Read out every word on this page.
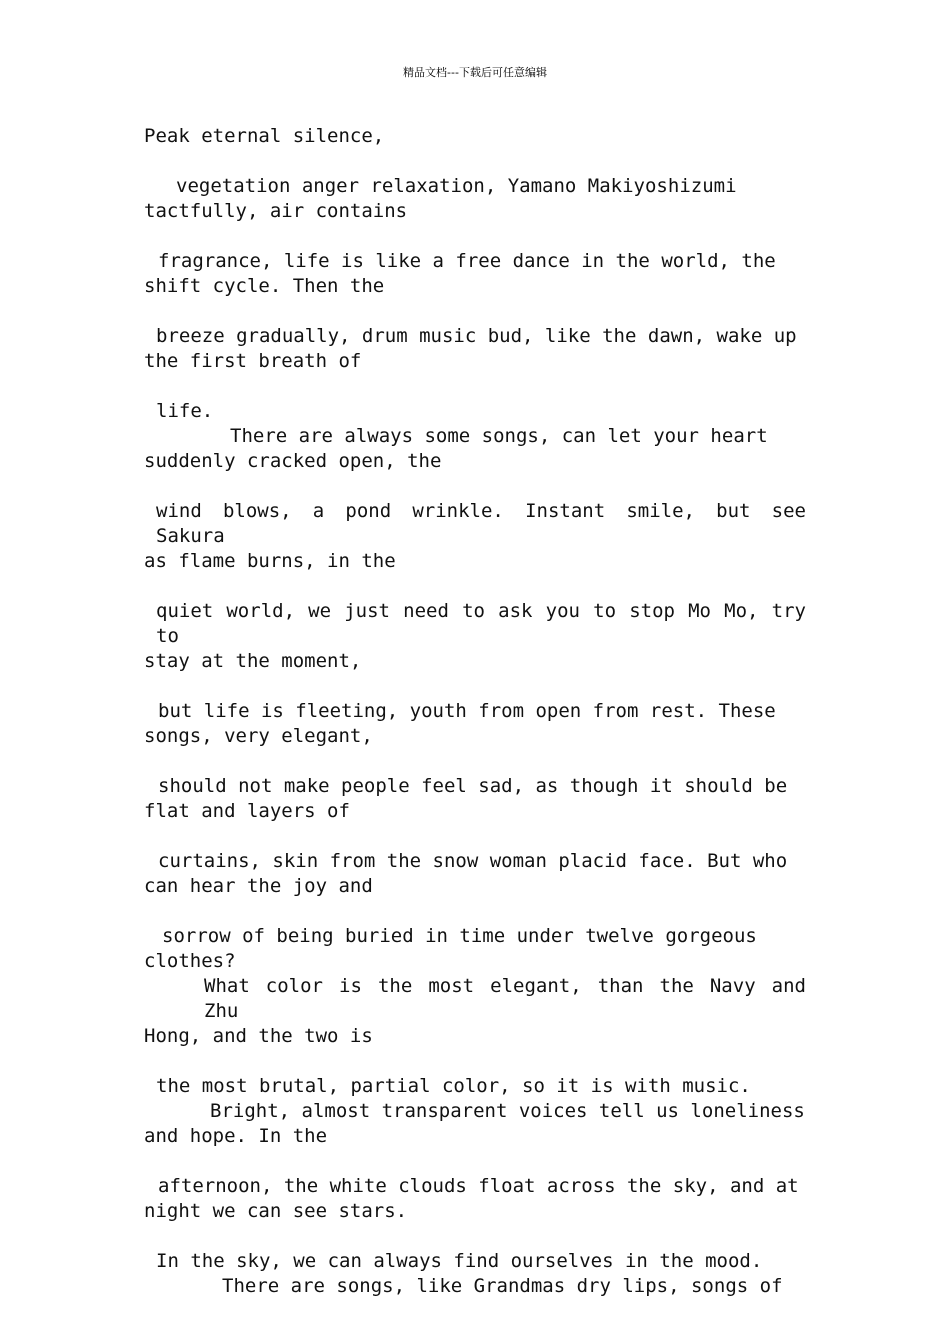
精品文档---下载后可任意编辑

Peak eternal silence,

vegetation anger relaxation, Yamano Makiyoshizumi
tactfully, air contains

fragrance, life is like a free dance in the world, the
shift cycle. Then the

breeze gradually, drum music bud, like the dawn, wake up
the first breath of

life.

There are always some songs, can let your heart
suddenly cracked open, the

wind blows, a pond wrinkle. Instant smile, but see Sakura
as flame burns, in the

quiet world, we just need to ask you to stop Mo Mo, try to
stay at the moment,

but life is fleeting, youth from open from rest. These
songs, very elegant,

should not make people feel sad, as though it should be
flat and layers of

curtains, skin from the snow woman placid face. But who
can hear the joy and

sorrow of being buried in time under twelve gorgeous
clothes?

What color is the most elegant, than the Navy and Zhu
Hong, and the two is

the most brutal, partial color, so it is with music.

Bright, almost transparent voices tell us loneliness
and hope. In the

afternoon, the white clouds float across the sky, and at
night we can see stars.

In the sky, we can always find ourselves in the mood.

There are songs, like Grandmas dry lips, songs of
